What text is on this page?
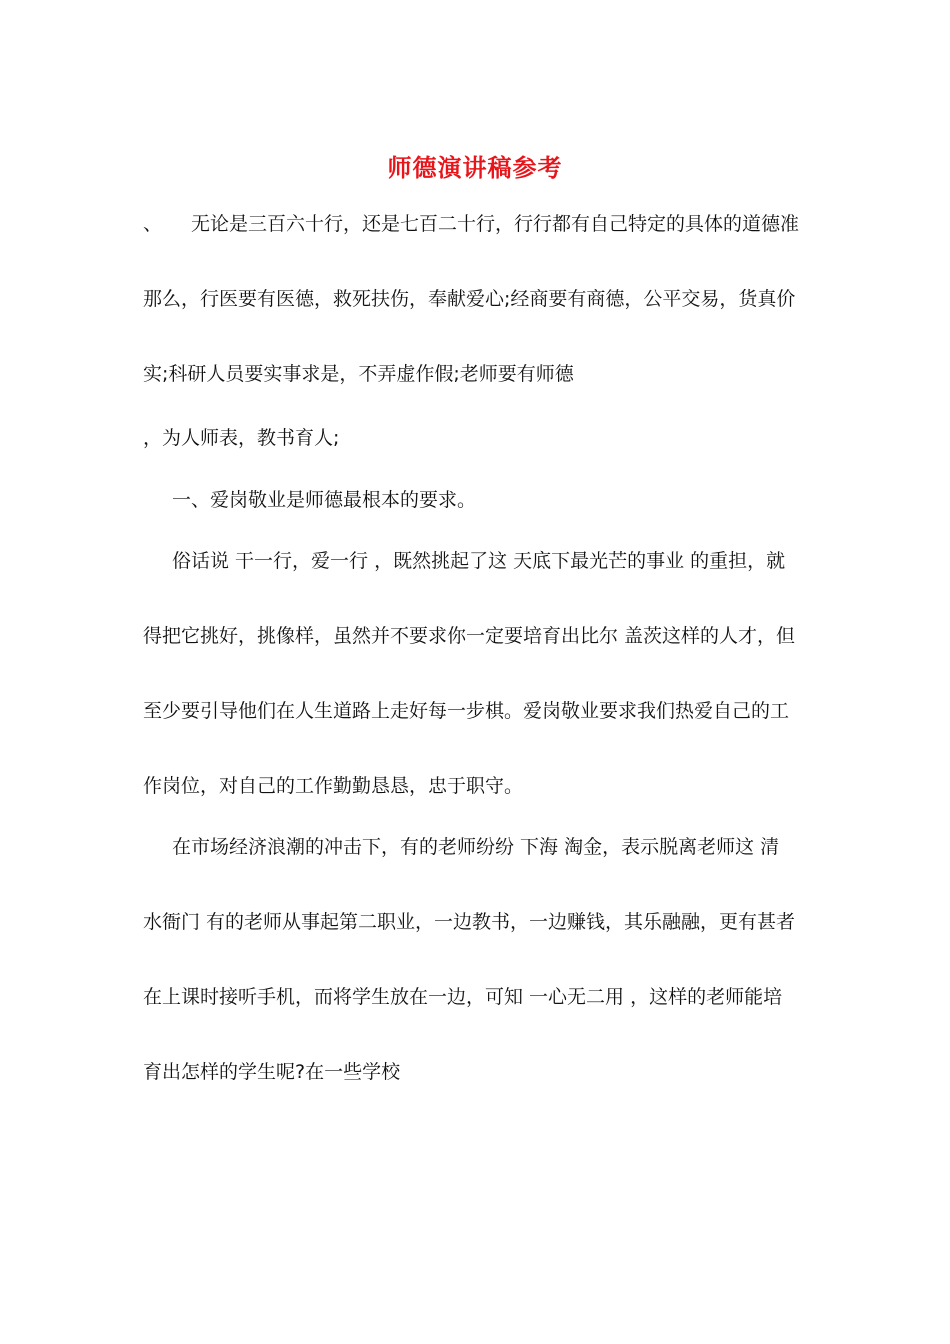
师德演讲稿参考
、 无论是三百六十行，还是七百二十行，行行都有自己特定的具体的道德准
那么，行医要有医德，救死扶伤，奉献爱心;经商要有商德，公平交易，货真价
实;科研人员要实事求是，不弄虚作假;老师要有师德
，为人师表，教书育人;
一、爱岗敬业是师德最根本的要求。
俗话说 干一行，爱一行 ，既然挑起了这 天底下最光芒的事业 的重担，就
得把它挑好，挑像样，虽然并不要求你一定要培育出比尔 盖茨这样的人才，但
至少要引导他们在人生道路上走好每一步棋。爱岗敬业要求我们热爱自己的工
作岗位，对自己的工作勤勤恳恳，忠于职守。
在市场经济浪潮的冲击下，有的老师纷纷 下海 淘金，表示脱离老师这 清
水衙门 有的老师从事起第二职业，一边教书，一边赚钱，其乐融融，更有甚者
在上课时接听手机，而将学生放在一边，可知 一心无二用 ，这样的老师能培
育出怎样的学生呢?在一些学校
